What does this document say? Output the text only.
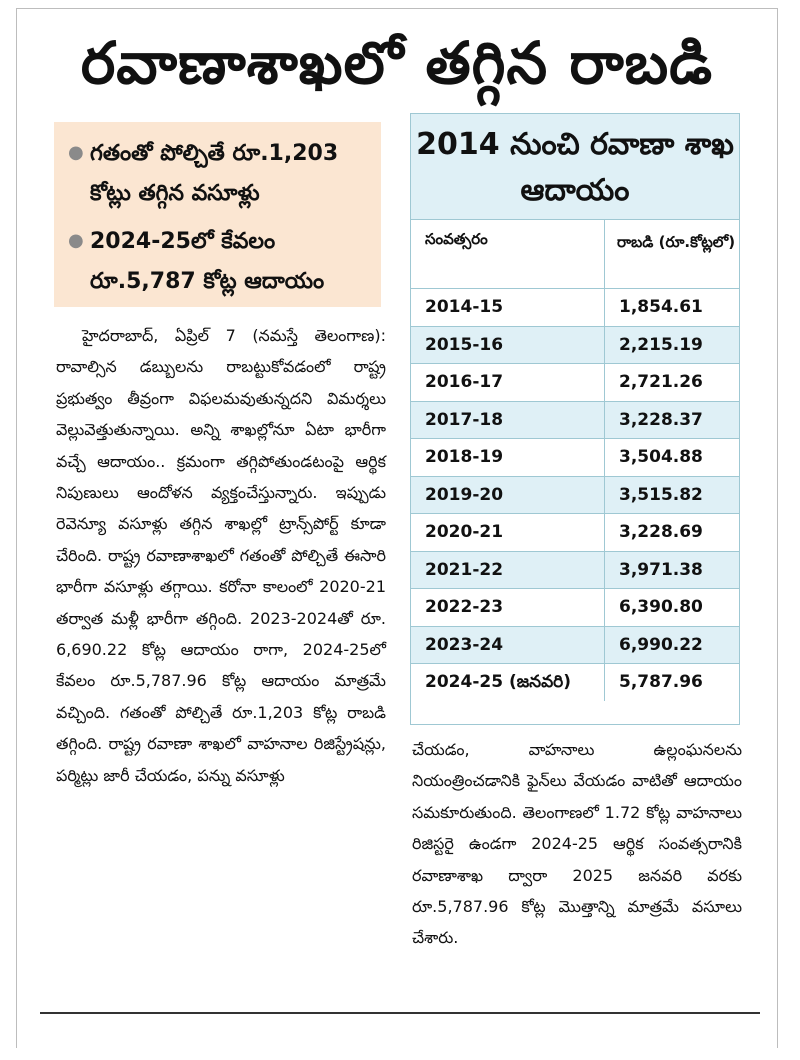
రవాణాశాఖలో తగ్గిన రాబడి
● గతంతో పోల్చితే రూ.1,203 కోట్లు తగ్గిన వసూళ్లు
● 2024-25లో కేవలం రూ.5,787 కోట్ల ఆదాయం
2014 నుంచి రవాణా శాఖ ఆదాయం
సంవత్సరం	రాబడి (రూ.కోట్లలో)
2014-15	1,854.61
2015-16	2,215.19
2016-17	2,721.26
2017-18	3,228.37
2018-19	3,504.88
2019-20	3,515.82
2020-21	3,228.69
2021-22	3,971.38
2022-23	6,390.80
2023-24	6,990.22
2024-25 (జనవరి)	5,787.96

హైదరాబాద్, ఏప్రిల్ 7 (నమస్తే తెలంగాణ): రావాల్సిన డబ్బులను రాబట్టుకోవడంలో రాష్ట్ర ప్రభుత్వం తీవ్రంగా విఫలమవుతున్నదని విమర్శలు వెల్లువెత్తుతున్నాయి. అన్ని శాఖల్లోనూ ఏటా భారీగా వచ్చే ఆదాయం.. క్రమంగా తగ్గిపోతుండటంపై ఆర్థిక నిపుణులు ఆందోళన వ్యక్తంచేస్తున్నారు. ఇప్పుడు రెవెన్యూ వసూళ్లు తగ్గిన శాఖల్లో ట్రాన్స్‌పోర్ట్ కూడా చేరింది. రాష్ట్ర రవాణాశాఖలో గతంతో పోల్చితే ఈసారి భారీగా వసూళ్లు తగ్గాయి. కరోనా కాలంలో 2020-21 తర్వాత మళ్లీ భారీగా తగ్గింది. 2023-2024తో రూ. 6,690.22 కోట్ల ఆదాయం రాగా, 2024-25లో కేవలం రూ.5,787.96 కోట్ల ఆదాయం మాత్రమే వచ్చింది. గతంతో పోల్చితే రూ.1,203 కోట్ల రాబడి తగ్గింది. రాష్ట్ర రవాణా శాఖలో వాహనాల రిజిస్ట్రేషన్లు, పర్మిట్లు జారీ చేయడం, పన్ను వసూళ్లు

చేయడం, వాహనాలు ఉల్లంఘనలను నియంత్రించడానికి ఫైన్‌లు వేయడం వాటితో ఆదాయం సమకూరుతుంది. తెలంగాణలో 1.72 కోట్ల వాహనాలు రిజిస్టరై ఉండగా 2024-25 ఆర్థిక సంవత్సరానికి రవాణాశాఖ ద్వారా 2025 జనవరి వరకు రూ.5,787.96 కోట్ల మొత్తాన్ని మాత్రమే వసూలు చేశారు.
